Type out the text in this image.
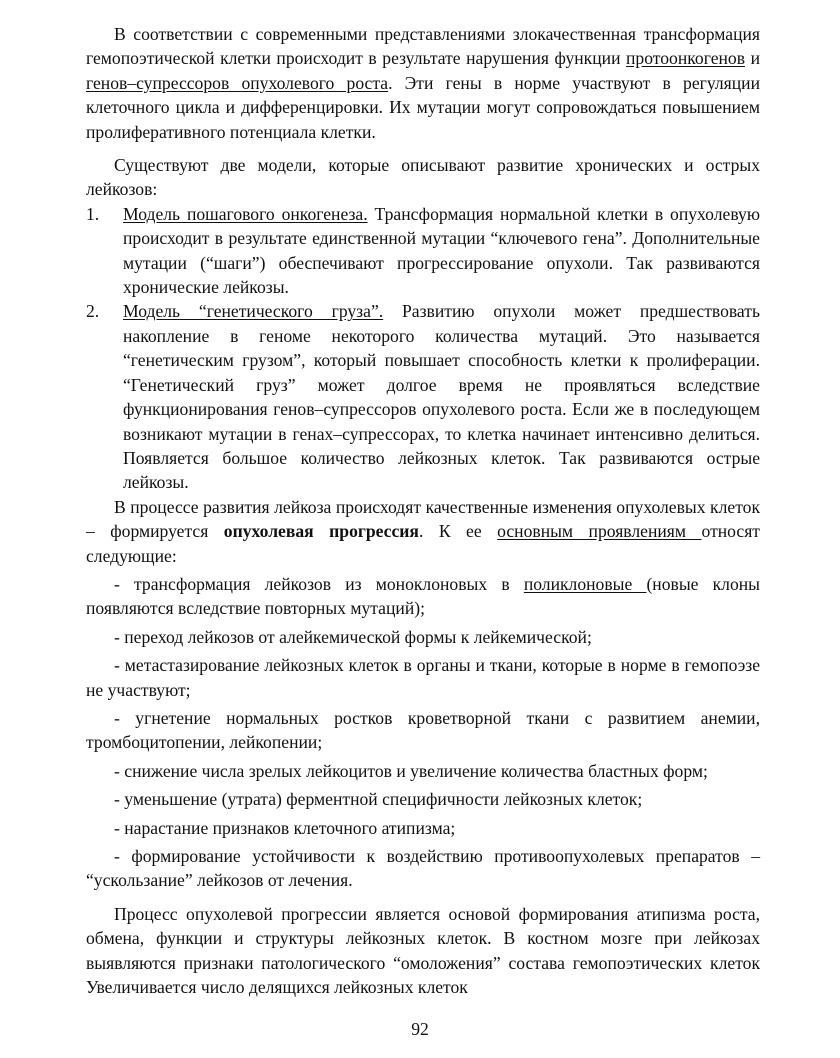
В соответствии с современными представлениями злокачественная трансформация гемопоэтической клетки происходит в результате нарушения функции протоонкогенов и генов–супрессоров опухолевого роста. Эти гены в норме участвуют в регуляции клеточного цикла и дифференцировки. Их мутации могут сопровождаться повышением пролиферативного потенциала клетки.

Существуют две модели, которые описывают развитие хронических и острых лейкозов:

1. Модель пошагового онкогенеза. Трансформация нормальной клетки в опухолевую происходит в результате единственной мутации “ключевого гена”. Дополнительные мутации (“шаги”) обеспечивают прогрессирование опухоли. Так развиваются хронические лейкозы.
2. Модель “генетического груза”. Развитию опухоли может предшествовать накопление в геноме некоторого количества мутаций. Это называется “генетическим грузом”, который повышает способность клетки к пролиферации. “Генетический груз” может долгое время не проявляться вследствие функционирования генов–супрессоров опухолевого роста. Если же в последующем возникают мутации в генах–супрессорах, то клетка начинает интенсивно делиться. Появляется большое количество лейкозных клеток. Так развиваются острые лейкозы.

В процессе развития лейкоза происходят качественные изменения опухолевых клеток – формируется опухолевая прогрессия. К ее основным проявлениям относят следующие:

- трансформация лейкозов из моноклоновых в поликлоновые (новые клоны появляются вследствие повторных мутаций);

- переход лейкозов от алейкемической формы к лейкемической;

- метастазирование лейкозных клеток в органы и ткани, которые в норме в гемопоэзе не участвуют;

- угнетение нормальных ростков кроветворной ткани с развитием анемии, тромбоцитопении, лейкопении;

- снижение числа зрелых лейкоцитов и увеличение количества бластных форм;

- уменьшение (утрата) ферментной специфичности лейкозных клеток;

- нарастание признаков клеточного атипизма;

- формирование устойчивости к воздействию противоопухолевых препаратов – “ускользание” лейкозов от лечения.

Процесс опухолевой прогрессии является основой формирования атипизма роста, обмена, функции и структуры лейкозных клеток. В костном мозге при лейкозах выявляются признаки патологического “омоложения” состава гемопоэтических клеток Увеличивается число делящихся лейкозных клеток

92
